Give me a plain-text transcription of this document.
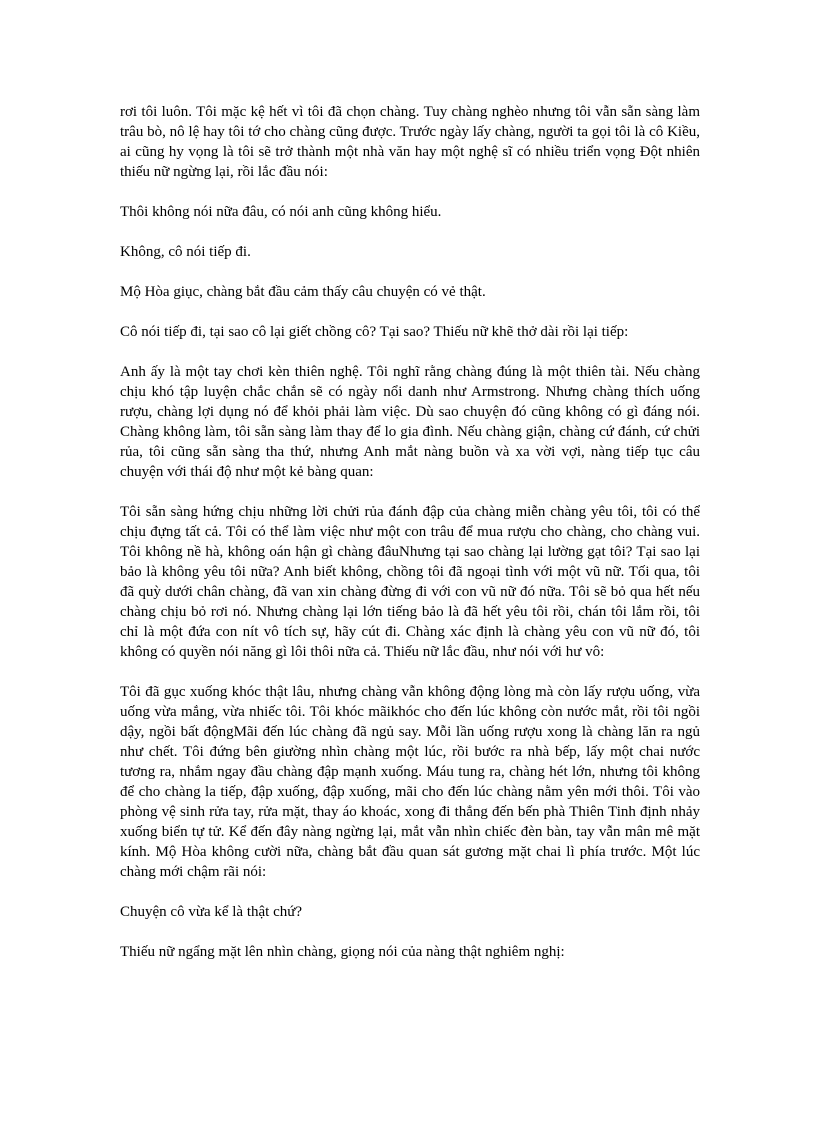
rơi tôi luôn. Tôi mặc kệ hết vì tôi đã chọn chàng. Tuy chàng nghèo nhưng tôi vẫn sẵn sàng làm trâu bò, nô lệ hay tôi tớ cho chàng cũng được. Trước ngày lấy chàng, người ta gọi tôi là cô Kiều, ai cũng hy vọng là tôi sẽ trở thành một nhà văn hay một nghệ sĩ có nhiều triển vọng Đột nhiên thiếu nữ ngừng lại, rồi lắc đầu nói:

Thôi không nói nữa đâu, có nói anh cũng không hiểu.

Không, cô nói tiếp đi.

Mộ Hòa giục, chàng bắt đầu cảm thấy câu chuyện có vẻ thật.

Cô nói tiếp đi, tại sao cô lại giết chồng cô? Tại sao? Thiếu nữ khẽ thở dài rồi lại tiếp:

Anh ấy là một tay chơi kèn thiên nghệ. Tôi nghĩ rằng chàng đúng là một thiên tài. Nếu chàng chịu khó tập luyện chắc chắn sẽ có ngày nổi danh như Armstrong. Nhưng chàng thích uống rượu, chàng lợi dụng nó để khỏi phải làm việc. Dù sao chuyện đó cũng không có gì đáng nói. Chàng không làm, tôi sẵn sàng làm thay để lo gia đình. Nếu chàng giận, chàng cứ đánh, cứ chửi rủa, tôi cũng sẵn sàng tha thứ, nhưng Anh mắt nàng buồn và xa vời vợi, nàng tiếp tục câu chuyện với thái độ như một kẻ bàng quan:

Tôi sẵn sàng hứng chịu những lời chửi rủa đánh đập của chàng miễn chàng yêu tôi, tôi có thể chịu đựng tất cả. Tôi có thể làm việc như một con trâu để mua rượu cho chàng, cho chàng vui. Tôi không nề hà, không oán hận gì chàng đâuNhưng tại sao chàng lại lường gạt tôi? Tại sao lại bảo là không yêu tôi nữa? Anh biết không, chồng tôi đã ngoại tình với một vũ nữ. Tối qua, tôi đã quỳ dưới chân chàng, đã van xin chàng đừng đi với con vũ nữ đó nữa. Tôi sẽ bỏ qua hết nếu chàng chịu bỏ rơi nó. Nhưng chàng lại lớn tiếng bảo là đã hết yêu tôi rồi, chán tôi lắm rồi, tôi chỉ là một đứa con nít vô tích sự, hãy cút đi. Chàng xác định là chàng yêu con vũ nữ đó, tôi không có quyền nói năng gì lôi thôi nữa cả. Thiếu nữ lắc đầu, như nói với hư vô:

Tôi đã gục xuống khóc thật lâu, nhưng chàng vẫn không động lòng mà còn lấy rượu uống, vừa uống vừa mắng, vừa nhiếc tôi. Tôi khóc mãikhóc cho đến lúc không còn nước mắt, rồi tôi ngồi dậy, ngồi bất độngMãi đến lúc chàng đã ngủ say. Mỗi lần uống rượu xong là chàng lăn ra ngủ như chết. Tôi đứng bên giường nhìn chàng một lúc, rồi bước ra nhà bếp, lấy một chai nước tương ra, nhắm ngay đầu chàng đập mạnh xuống. Máu tung ra, chàng hét lớn, nhưng tôi không để cho chàng la tiếp, đập xuống, đập xuống, mãi cho đến lúc chàng nằm yên mới thôi. Tôi vào phòng vệ sinh rửa tay, rửa mặt, thay áo khoác, xong đi thẳng đến bến phà Thiên Tinh định nhảy xuống biển tự tử. Kể đến đây nàng ngừng lại, mắt vẫn nhìn chiếc đèn bàn, tay vẫn mân mê mặt kính. Mộ Hòa không cười nữa, chàng bắt đầu quan sát gương mặt chai lì phía trước. Một lúc chàng mới chậm rãi nói:

Chuyện cô vừa kể là thật chứ?

Thiếu nữ ngẩng mặt lên nhìn chàng, giọng nói của nàng thật nghiêm nghị:
